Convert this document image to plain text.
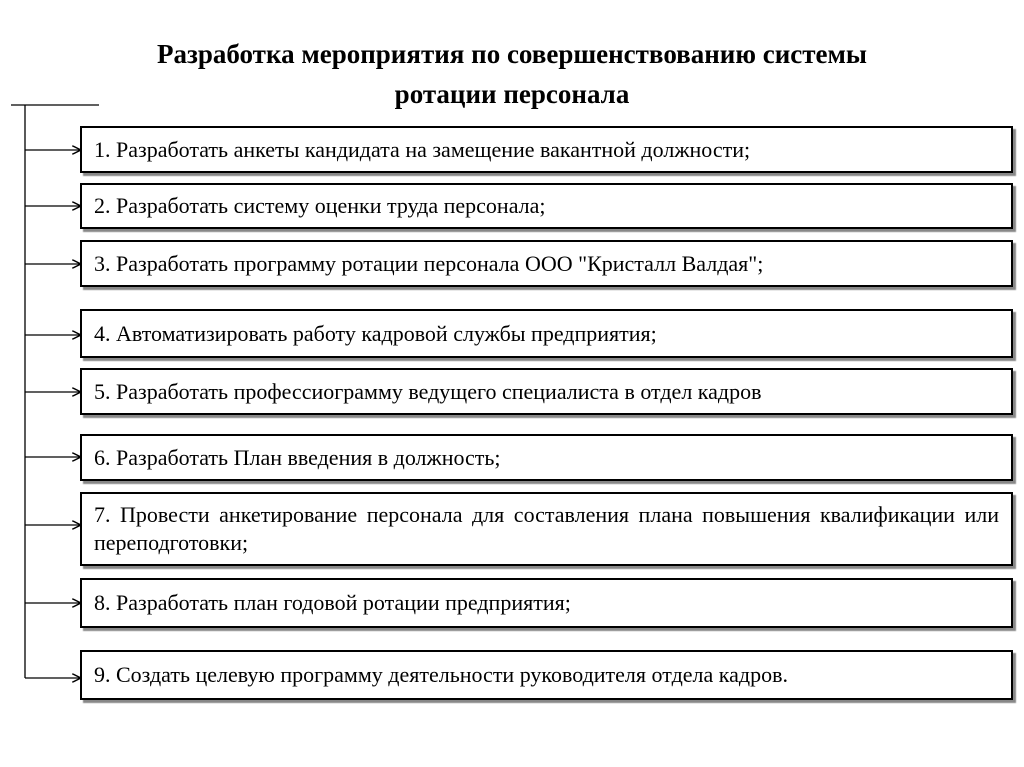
Разработка мероприятия по совершенствованию системы
ротации персонала
1. Разработать анкеты кандидата на замещение вакантной должности;
2. Разработать систему оценки труда персонала;
3. Разработать программу ротации персонала ООО "Кристалл Валдая";
4. Автоматизировать работу кадровой службы предприятия;
5. Разработать профессиограмму ведущего специалиста в отдел кадров
6. Разработать План введения в должность;
7. Провести анкетирование персонала для составления плана повышения квалификации или переподготовки;
8. Разработать план годовой ротации предприятия;
9. Создать целевую программу деятельности руководителя отдела кадров.
